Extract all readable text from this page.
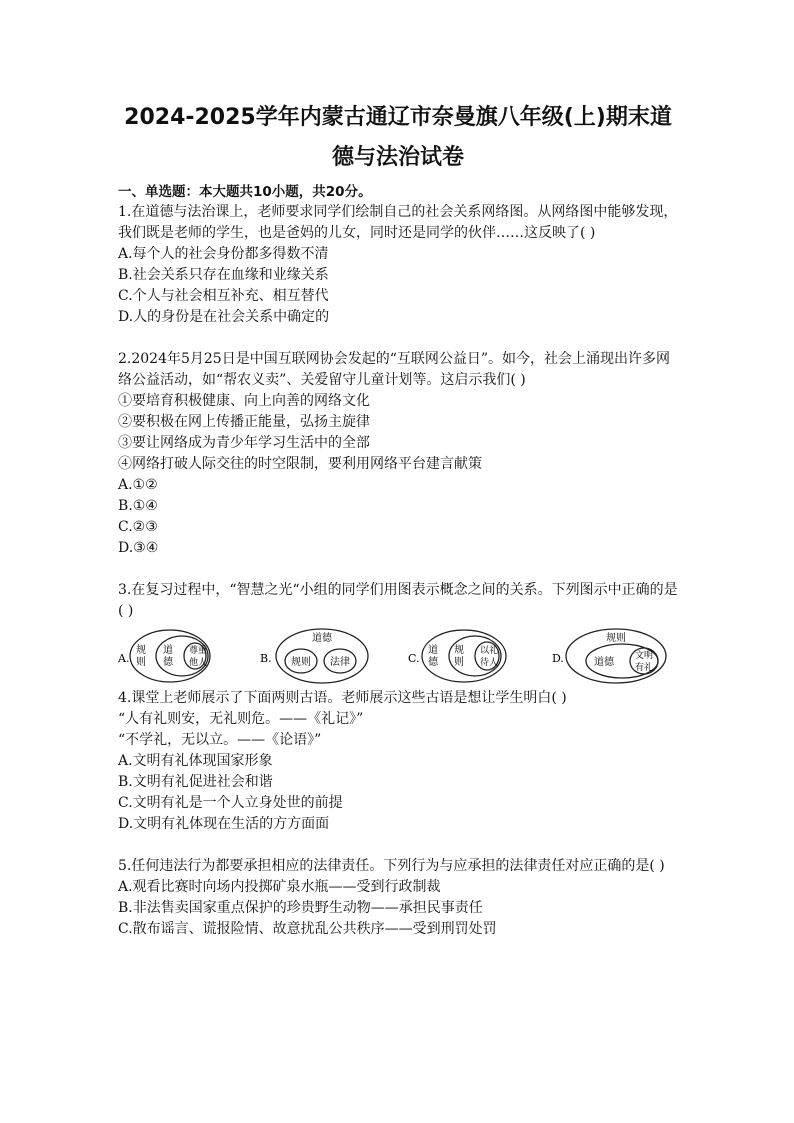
2024-2025学年内蒙古通辽市奈曼旗八年级(上)期末道
德与法治试卷
一、单选题：本大题共10小题，共20分。

1.在道德与法治课上，老师要求同学们绘制自己的社会关系网络图。从网络图中能够发现，我们既是老师的学生，也是爸妈的儿女，同时还是同学的伙伴……这反映了( )

A.每个人的社会身份都多得数不清

B.社会关系只存在血缘和业缘关系

C.个人与社会相互补充、相互替代

D.人的身份是在社会关系中确定的

2.2024年5月25日是中国互联网协会发起的“互联网公益日”。如今，社会上涌现出许多网络公益活动，如“帮农义卖”、关爱留守儿童计划等。这启示我们( )

①要培育积极健康、向上向善的网络文化

②要积极在网上传播正能量，弘扬主旋律

③要让网络成为青少年学习生活中的全部

④网络打破人际交往的时空限制，要利用网络平台建言献策

A.①②

B.①④

C.②③

D.③④

3.在复习过程中，“智慧之光“小组的同学们用图表示概念之间的关系。下列图示中正确的是( )

A.
规
则
道
德
尊重
他人	B.
道德
规则 法律	C.
道
德
规
则
以礼
待人	D.
规则
道德
文明
有礼

4.课堂上老师展示了下面两则古语。老师展示这些古语是想让学生明白( )

“人有礼则安，无礼则危。——《礼记》”

“不学礼，无以立。——《论语》”

A.文明有礼体现国家形象

B.文明有礼促进社会和谐

C.文明有礼是一个人立身处世的前提

D.文明有礼体现在生活的方方面面

5.任何违法行为都要承担相应的法律责任。下列行为与应承担的法律责任对应正确的是( )

A.观看比赛时向场内投掷矿泉水瓶——受到行政制裁

B.非法售卖国家重点保护的珍贵野生动物——承担民事责任

C.散布谣言、谎报险情、故意扰乱公共秩序——受到刑罚处罚
